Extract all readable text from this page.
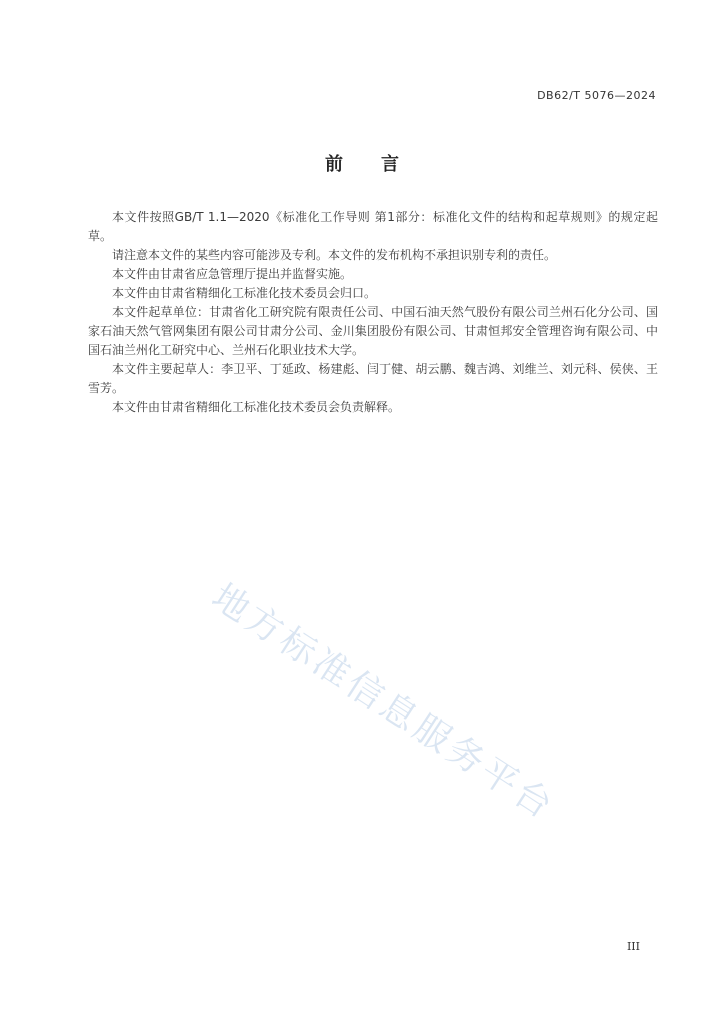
DB62/T 5076—2024
前言

本文件按照GB/T 1.1—2020《标准化工作导则 第1部分：标准化文件的结构和起草规则》的规定起草。

请注意本文件的某些内容可能涉及专利。本文件的发布机构不承担识别专利的责任。

本文件由甘肃省应急管理厅提出并监督实施。

本文件由甘肃省精细化工标准化技术委员会归口。

本文件起草单位：甘肃省化工研究院有限责任公司、中国石油天然气股份有限公司兰州石化分公司、国家石油天然气管网集团有限公司甘肃分公司、金川集团股份有限公司、甘肃恒邦安全管理咨询有限公司、中国石油兰州化工研究中心、兰州石化职业技术大学。

本文件主要起草人：李卫平、丁延政、杨建彪、闫丁健、胡云鹏、魏吉鸿、刘维兰、刘元科、侯侠、王雪芳。

本文件由甘肃省精细化工标准化技术委员会负责解释。

地方标准信息服务平台
III
